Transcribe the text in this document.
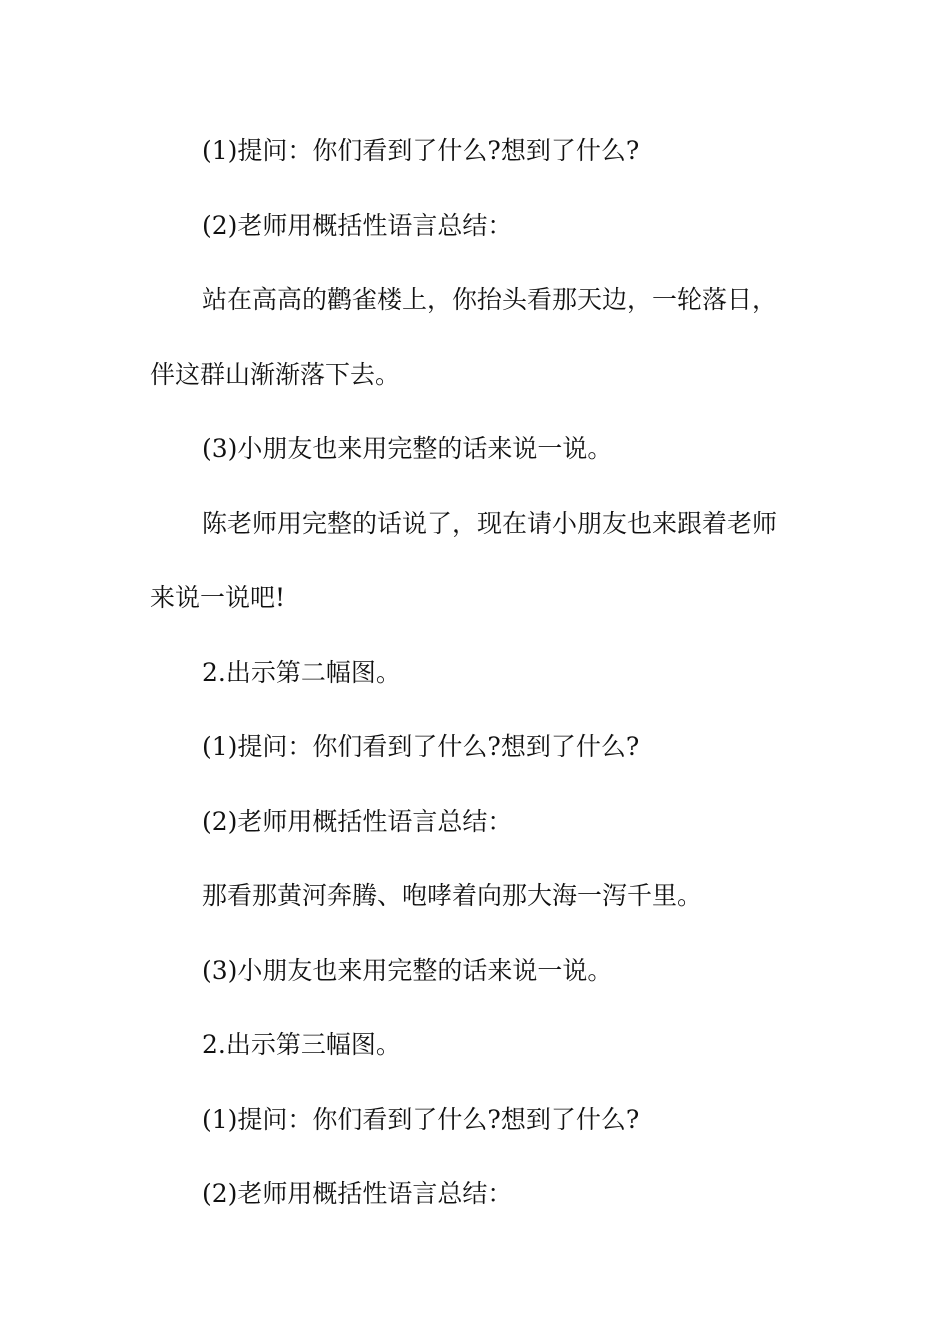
(1)提问：你们看到了什么?想到了什么?

(2)老师用概括性语言总结：

站在高高的鹳雀楼上，你抬头看那天边，一轮落日，

伴这群山渐渐落下去。

(3)小朋友也来用完整的话来说一说。

陈老师用完整的话说了，现在请小朋友也来跟着老师

来说一说吧!

2.出示第二幅图。

(1)提问：你们看到了什么?想到了什么?

(2)老师用概括性语言总结：

那看那黄河奔腾、咆哮着向那大海一泻千里。

(3)小朋友也来用完整的话来说一说。

2.出示第三幅图。

(1)提问：你们看到了什么?想到了什么?

(2)老师用概括性语言总结：
